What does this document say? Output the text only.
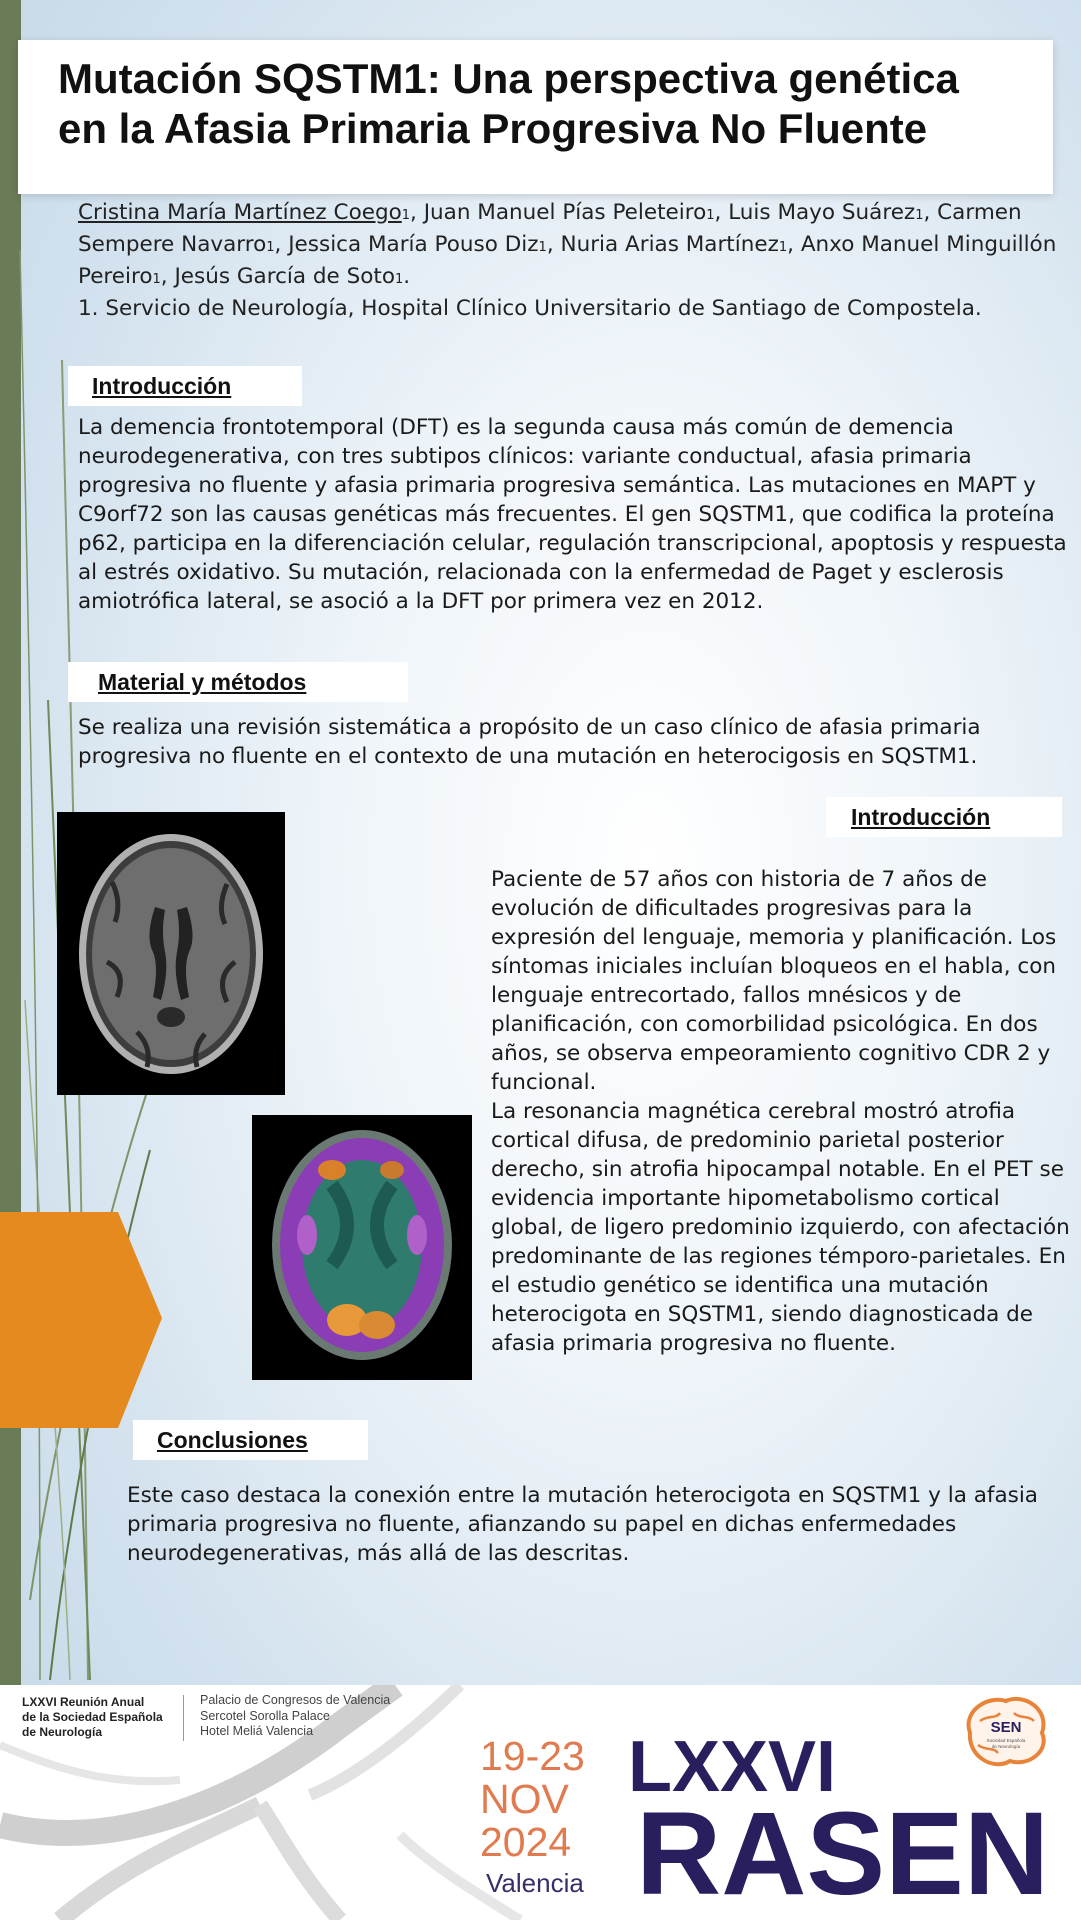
Mutación SQSTM1: Una perspectiva genética
en la Afasia Primaria Progresiva No Fluente
Cristina María Martínez Coego1, Juan Manuel Pías Peleteiro1, Luis Mayo Suárez1, Carmen Sempere Navarro1, Jessica María Pouso Diz1, Nuria Arias Martínez1, Anxo Manuel Minguillón Pereiro1, Jesús García de Soto1.
1. Servicio de Neurología, Hospital Clínico Universitario de Santiago de Compostela.
Introducción
La demencia frontotemporal (DFT) es la segunda causa más común de demencia neurodegenerativa, con tres subtipos clínicos: variante conductual, afasia primaria progresiva no fluente y afasia primaria progresiva semántica. Las mutaciones en MAPT y C9orf72 son las causas genéticas más frecuentes. El gen SQSTM1, que codifica la proteína p62, participa en la diferenciación celular, regulación transcripcional, apoptosis y respuesta al estrés oxidativo. Su mutación, relacionada con la enfermedad de Paget y esclerosis amiotrófica lateral, se asoció a la DFT por primera vez en 2012.
Material y métodos
Se realiza una revisión sistemática a propósito de un caso clínico de afasia primaria progresiva no fluente en el contexto de una mutación en heterocigosis en SQSTM1.
Introducción
Paciente de 57 años con historia de 7 años de evolución de dificultades progresivas para la expresión del lenguaje, memoria y planificación. Los síntomas iniciales incluían bloqueos en el habla, con lenguaje entrecortado, fallos mnésicos y de planificación, con comorbilidad psicológica. En dos años, se observa empeoramiento cognitivo CDR 2 y funcional.
La resonancia magnética cerebral mostró atrofia cortical difusa, de predominio parietal posterior derecho, sin atrofia hipocampal notable. En el PET se evidencia importante hipometabolismo cortical global, de ligero predominio izquierdo, con afectación predominante de las regiones témporo-parietales. En el estudio genético se identifica una mutación heterocigota en SQSTM1, siendo diagnosticada de afasia primaria progresiva no fluente.
Conclusiones
Este caso destaca la conexión entre la mutación heterocigota en SQSTM1 y la afasia primaria progresiva no fluente, afianzando su papel en dichas enfermedades neurodegenerativas, más allá de las descritas.
LXXVI Reunión Anual
de la Sociedad Española
de Neurología
Palacio de Congresos de Valencia
Sercotel Sorolla Palace
Hotel Meliá Valencia
19-23
NOV
2024
Valencia
LXXVI
RASEN
SEN
Sociedad Española
de Neurología
